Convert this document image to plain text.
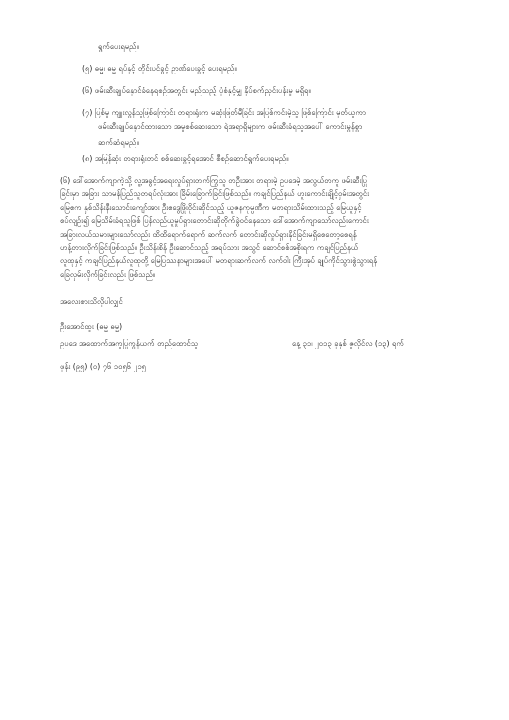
ရွက်ပေးရမည်။
(၅) ဓမ္မ၊ ဓမ္မ ရပ်နှင့် တိုင်းပင်ခွင့် ဥာဏ်ပေးခွင့် ပေးရမည်။
(၆) ဖမ်းဆီးချုပ်နှောင်ခံနေရစဉ်အတွင်း မည်သည့် ပုံစံနှင့်မျှ နှိပ်စက်ညှင်းပန်းမှု မရှိရ။
(၇) ပြစ်မှု ကျူးလွန်သူဖြစ်ကြောင်း တရားရုံးက မဆုံးဖြတ်မီခြင်း အပြစ်ကင်းမဲ့သူ ဖြစ်ကြောင်း မှတ်ယူကာ
ဖမ်းဆီးချုပ်နှောင်ထားသော အမှုစစ်ဆေးသော ရဲအရာရှိများက ဖမ်းဆီးခံရသူအပေါ် ကောင်းမွန်စွာ
ဆက်ဆံရမည်။
(၈) အမြန်ဆုံး တရားရုံးတင် စစ်ဆေးခွင့်ရအောင် စီစဉ်ဆောင်ရွက်ပေးရမည်။
(၆) ဒေါ်အောက်ကျာကဲ့သို့ လူ့အခွင့်အရေးလှုပ်ရှားတက်ကြွသူ တဦးအား တရားမဲ့ ဥပဒေမဲ့ အလွယ်တကူ ဖမ်းဆီးပြု
ခြင်းမှာ အခြား သာမန်ပြည်သူတရပ်လုံးအား ခြိမ်းခြောက်ခြင်းဖြစ်သည်။ ကချင်ပြည်နယ် ဟူးကောင်းချိုင့်ဝှမ်းအတွင်း
မြေဧက နှစ်သိန်းနီးသောင်းကျော်အား ဦးဧဒွေဖြိုးဝိုင်းဆိုင်သည့် ယူဇနကုမ္ပဏီက မတရားသိမ်းထားသည့် မြေယူနှင့်
စပ်လျဉ်း၍ မြေသိမ်းခံရသူဖြစ် ပြန်လည်ယူမှုပ်ရှားတောင်းဆိုတိုက်ခွဲဝင်နေသော ဒေါ်အောက်ကျာသော်လည်းကောင်း
အခြားလယ်သမားများသော်လည်း ထိထိရောက်ရောက် ဆက်လက် တောင်းဆိုလှုပ်ရှားနိုင်ခြင်းမရှိစေတော့စေရန်
ဟန့်တားလိုက်ခြင်းဖြစ်သည်။ ဦးသိန်းစိန် ဦးဆောင်သည့် အရပ်သား အသွင် ဆောင်စစ်အစိုးရက ကချင်ပြည်နယ်
လူထုနှင့် ကချင်ပြည်နယ်လူထုတို့ မြေပြဿနာများအပေါ် မတရားဆက်လက် လက်ဝါး ကြီးအုပ် ချုပ်ကိုင်သွားစွဲသွားရန်
ခြေလှမ်းလိုက်ခြင်းလည်း ဖြစ်သည်။
အလေးစားသိလိုပါလျှင်
ဦးအောင်ထူး (ဓမ္မ ဓမ္မ)
ဥပဒေ အထောက်အကူပြုကွန်ယက် တည်ထောင်သူ	နေ့ ၃၁၊ ၂၀၁၃ ခုနှစ် ဇူလိုင်လ (၁၃) ရက်
ဖုန်း (၉၅) (၀) ၇၆ ၁၀၅၆ ၂၁၅
